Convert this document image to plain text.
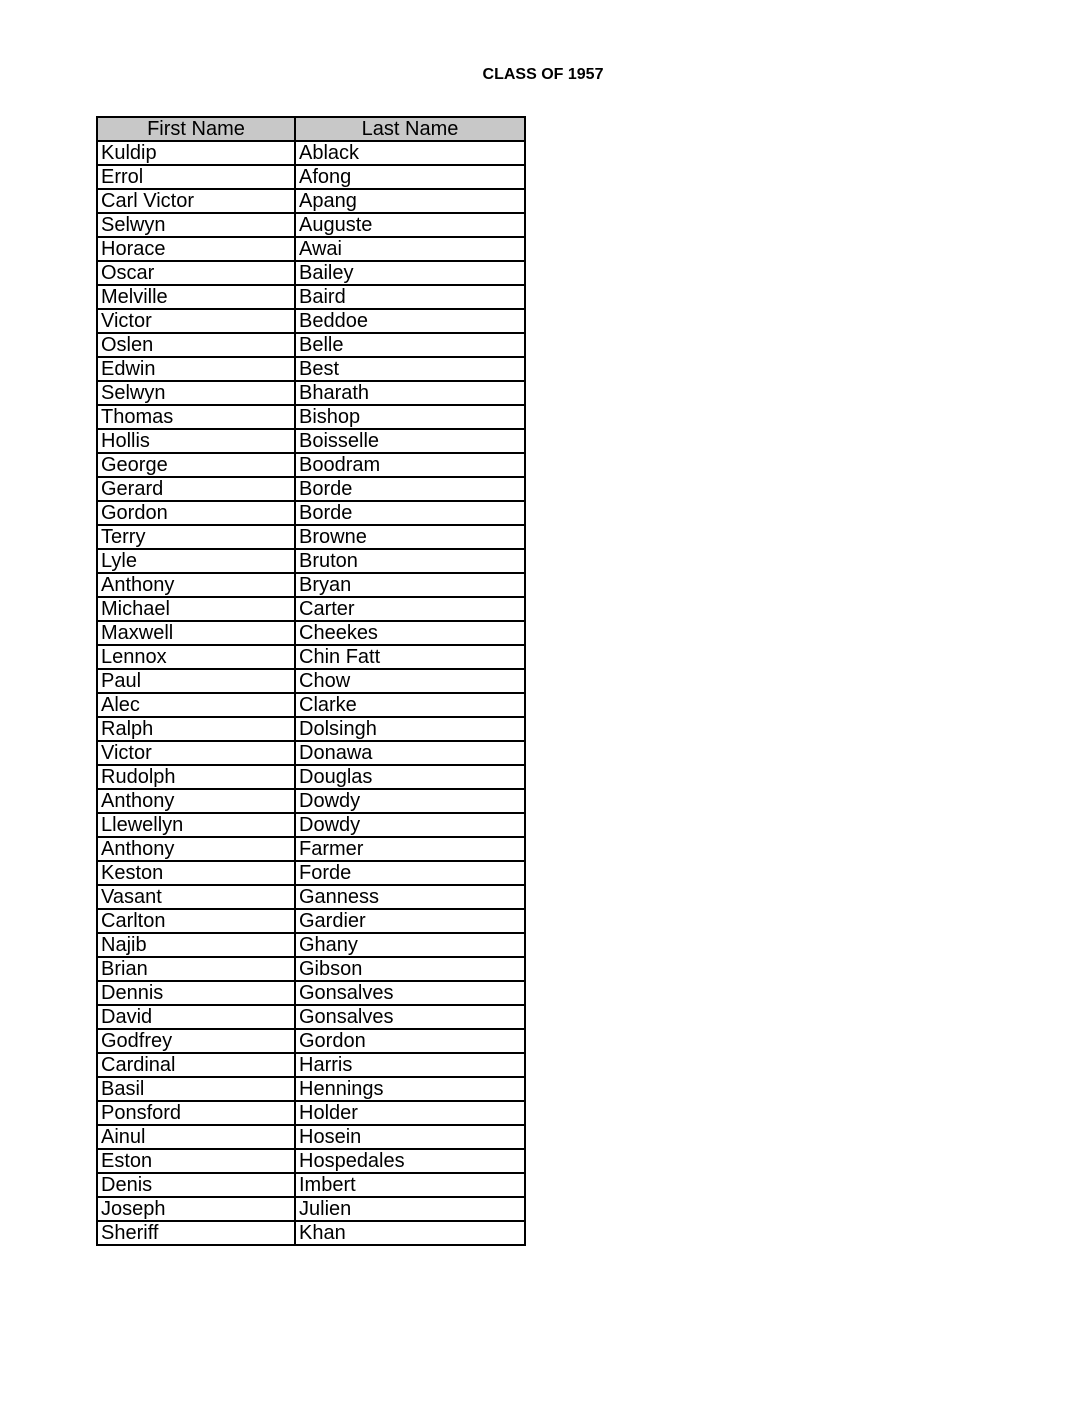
CLASS OF 1957
First Name	Last Name
Kuldip	Ablack
Errol	Afong
Carl Victor	Apang
Selwyn	Auguste
Horace	Awai
Oscar	Bailey
Melville	Baird
Victor	Beddoe
Oslen	Belle
Edwin	Best
Selwyn	Bharath
Thomas	Bishop
Hollis	Boisselle
George	Boodram
Gerard	Borde
Gordon	Borde
Terry	Browne
Lyle	Bruton
Anthony	Bryan
Michael	Carter
Maxwell	Cheekes
Lennox	Chin Fatt
Paul	Chow
Alec	Clarke
Ralph	Dolsingh
Victor	Donawa
Rudolph	Douglas
Anthony	Dowdy
Llewellyn	Dowdy
Anthony	Farmer
Keston	Forde
Vasant	Ganness
Carlton	Gardier
Najib	Ghany
Brian	Gibson
Dennis	Gonsalves
David	Gonsalves
Godfrey	Gordon
Cardinal	Harris
Basil	Hennings
Ponsford	Holder
Ainul	Hosein
Eston	Hospedales
Denis	Imbert
Joseph	Julien
Sheriff	Khan
